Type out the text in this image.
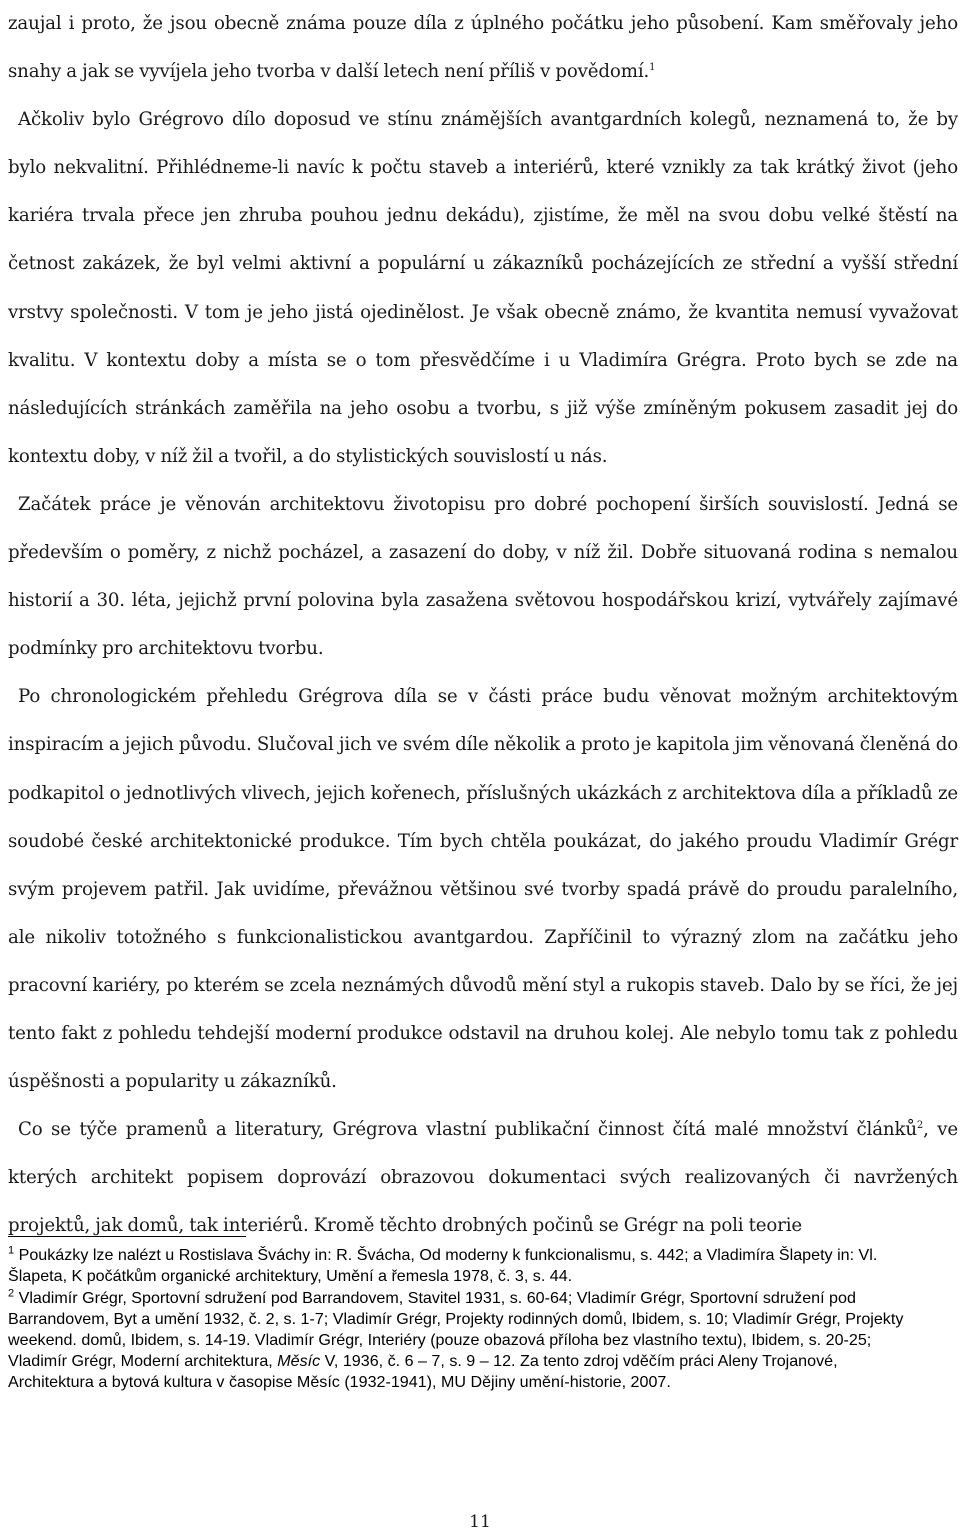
zaujal i proto, že jsou obecně známa pouze díla z úplného počátku jeho působení. Kam směřovaly jeho snahy a jak se vyvíjela jeho tvorba v další letech není příliš v povědomí.$^1$

Ačkoliv bylo Grégrovo dílo doposud ve stínu známějších avantgardních kolegů, neznamená to, že by bylo nekvalitní. Přihlédneme-li navíc k počtu staveb a interiérů, které vznikly za tak krátký život (jeho kariéra trvala přece jen zhruba pouhou jednu dekádu), zjistíme, že měl na svou dobu velké štěstí na četnost zakázek, že byl velmi aktivní a populární u zákazníků pocházejících ze střední a vyšší střední vrstvy společnosti. V tom je jeho jistá ojedinělost. Je však obecně známo, že kvantita nemusí vyvažovat kvalitu. V kontextu doby a místa se o tom přesvědčíme i u Vladimíra Grégra. Proto bych se zde na následujících stránkách zaměřila na jeho osobu a tvorbu, s již výše zmíněným pokusem zasadit jej do kontextu doby, v níž žil a tvořil, a do stylistických souvislostí u nás.

Začátek práce je věnován architektovu životopisu pro dobré pochopení širších souvislostí. Jedná se především o poměry, z nichž pocházel, a zasazení do doby, v níž žil. Dobře situovaná rodina s nemalou historií a 30. léta, jejichž první polovina byla zasažena světovou hospodářskou krizí, vytvářely zajímavé podmínky pro architektovu tvorbu.

Po chronologickém přehledu Grégrova díla se v části práce budu věnovat možným architektovým inspiracím a jejich původu. Slučoval jich ve svém díle několik a proto je kapitola jim věnovaná členěná do podkapitol o jednotlivých vlivech, jejich kořenech, příslušných ukázkách z architektova díla a příkladů ze soudobé české architektonické produkce. Tím bych chtěla poukázat, do jakého proudu Vladimír Grégr svým projevem patřil. Jak uvidíme, převážnou většinou své tvorby spadá právě do proudu paralelního, ale nikoliv totožného s funkcionalistickou avantgardou. Zapříčinil to výrazný zlom na začátku jeho pracovní kariéry, po kterém se zcela neznámých důvodů mění styl a rukopis staveb. Dalo by se říci, že jej tento fakt z pohledu tehdejší moderní produkce odstavil na druhou kolej. Ale nebylo tomu tak z pohledu úspěšnosti a popularity u zákazníků.

Co se týče pramenů a literatury, Grégrova vlastní publikační činnost čítá malé množství článků$^2$, ve kterých architekt popisem doprovází obrazovou dokumentaci svých realizovaných či navržených projektů, jak domů, tak interiérů. Kromě těchto drobných počinů se Grégr na poli teorie

$^1$ Poukázky lze nalézt u Rostislava Šváchy in: R. Švácha, Od moderny k funkcionalismu, s. 442; a Vladimíra Šlapety in: Vl. Šlapeta, K počátkům organické architektury, Umění a řemesla 1978, č. 3, s. 44.

$^2$ Vladimír Grégr, Sportovní sdružení pod Barrandovem, Stavitel 1931, s. 60-64; Vladimír Grégr, Sportovní sdružení pod Barrandovem, Byt a umění 1932, č. 2, s. 1-7; Vladimír Grégr, Projekty rodinných domů, Ibidem, s. 10; Vladimír Grégr, Projekty weekend. domů, Ibidem, s. 14-19. Vladimír Grégr, Interiéry (pouze obazová příloha bez vlastního textu), Ibidem, s. 20-25; Vladimír Grégr, Moderní architektura, Měsíc V, 1936, č. 6 – 7, s. 9 – 12. Za tento zdroj vděčím práci Aleny Trojanové, Architektura a bytová kultura v časopise Měsíc (1932-1941), MU Dějiny umění-historie, 2007.

11
